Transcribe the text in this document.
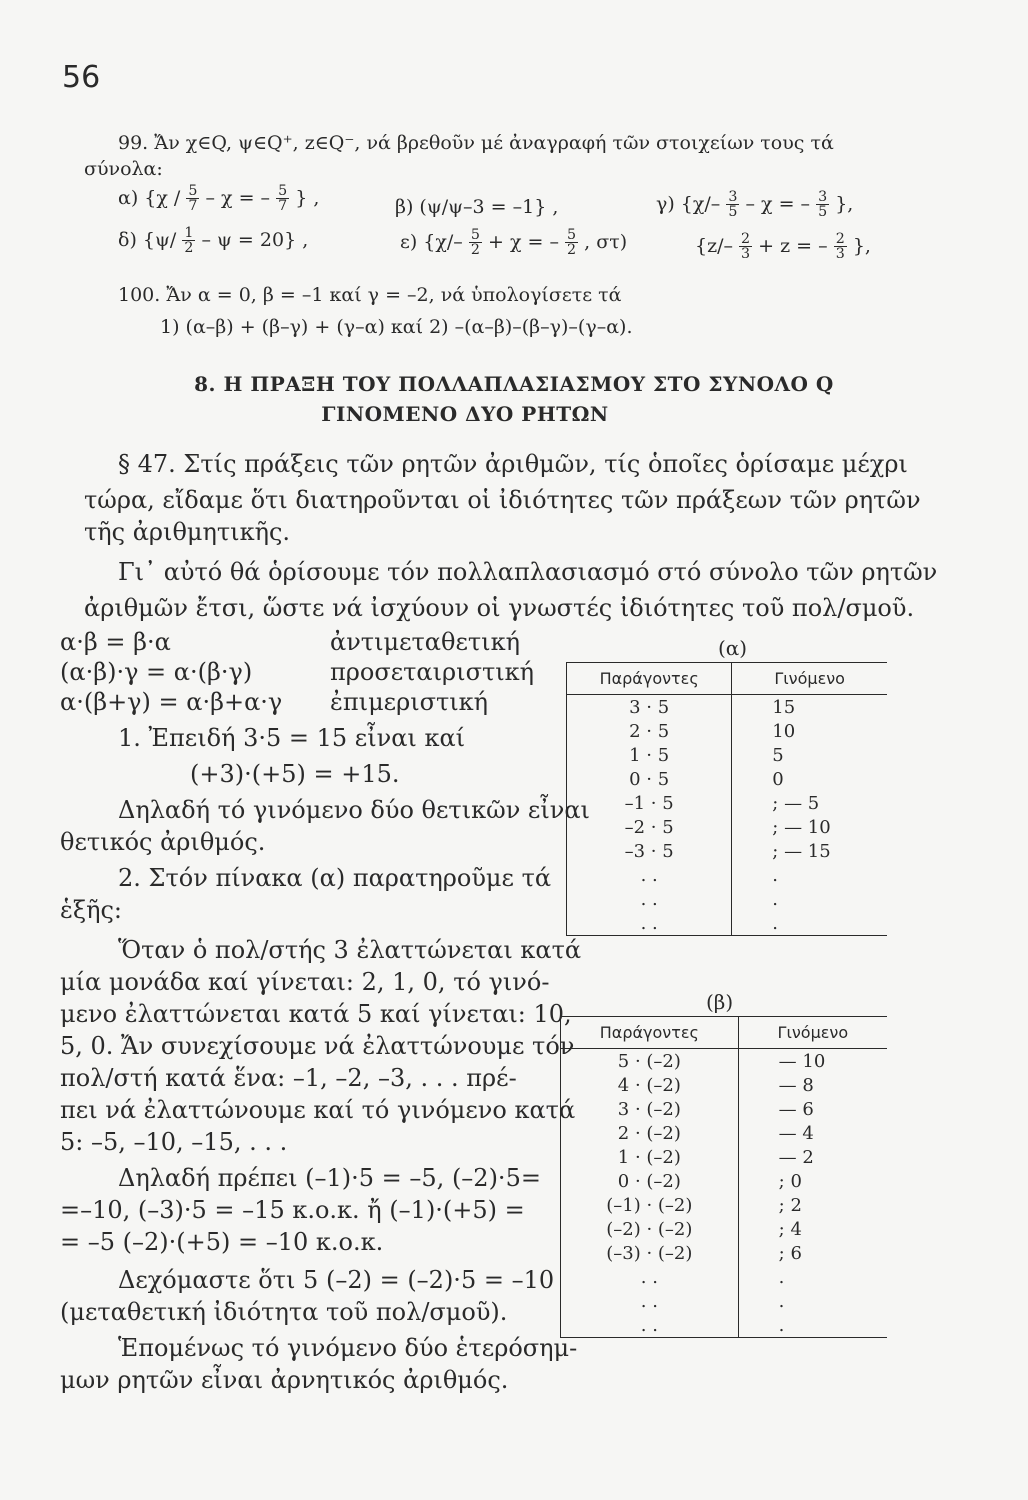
56
99. Ἄν χ∈Q, ψ∈Q⁺, z∈Q⁻, νά βρεθοῦν μέ ἀναγραφή τῶν στοιχείων τους τά
σύνολα:
α) {$\chi / \frac{5}{7}$ – χ = – $\frac{5}{7}$ } ,	β) (ψ/ψ–3 = –1} ,	γ) {$\chi/- \frac{3}{5}$ – χ = – $\frac{3}{5}$ },
δ) $\{\psi/ \frac{1}{2} - \psi = 20\}$ ,	ε) {$\chi/- \frac{5}{2} + \chi$ = – $\frac{5}{2}$ , στ)	{$z/- \frac{2}{3} + z$ = – $\frac{2}{3}$ },
100. Ἄν α = 0, β = –1 καί γ = –2, νά ὑπολογίσετε τά
1) (α–β) + (β–γ) + (γ–α) καί 2) –(α–β)–(β–γ)–(γ–α).
8. Η ΠΡΑΞΗ ΤΟΥ ΠΟΛΛΑΠΛΑΣΙΑΣΜΟΥ ΣΤΟ ΣΥΝΟΛΟ Q
ΓΙΝΟΜΕΝΟ ΔΥΟ ΡΗΤΩΝ
§ 47. Στίς πράξεις τῶν ρητῶν ἀριθμῶν, τίς ὁποῖες ὁρίσαμε μέχρι
τώρα, εἴδαμε ὅτι διατηροῦνται οἱ ἰδιότητες τῶν πράξεων τῶν ρητῶν
τῆς ἀριθμητικῆς.
Γι᾽ αὐτό θά ὁρίσουμε τόν πολλαπλασιασμό στό σύνολο τῶν ρητῶν
ἀριθμῶν ἔτσι, ὥστε νά ἰσχύουν οἱ γνωστές ἰδιότητες τοῦ πολ/σμοῦ.
α·β = β·α	ἀντιμεταθετική
(α·β)·γ = α·(β·γ)	προσεταιριστική
α·(β+γ) = α·β+α·γ ἐπιμεριστική
1. Ἐπειδή 3·5 = 15 εἶναι καί
(+3)·(+5) = +15.
Δηλαδή τό γινόμενο δύο θετικῶν εἶναι
θετικός ἀριθμός.
2. Στόν πίνακα (α) παρατηροῦμε τά
ἑξῆς:
Ὅταν ὁ πολ/στής 3 ἐλαττώνεται κατά
μία μονάδα καί γίνεται: 2, 1, 0, τό γινό-
μενο ἐλαττώνεται κατά 5 καί γίνεται: 10,
5, 0. Ἄν συνεχίσουμε νά ἐλαττώνουμε τόν
πολ/στή κατά ἕνα: –1, –2, –3, . . . πρέ-
πει νά ἐλαττώνουμε καί τό γινόμενο κατά
5: –5, –10, –15, . . .
Δηλαδή πρέπει (–1)·5 = –5, (–2)·5=
=–10, (–3)·5 = –15 κ.ο.κ. ἤ (–1)·(+5) =
= –5 (–2)·(+5) = –10 κ.ο.κ.
Δεχόμαστε ὅτι 5 (–2) = (–2)·5 = –10
(μεταθετική ἰδιότητα τοῦ πολ/σμοῦ).
Ἑπομένως τό γινόμενο δύο ἑτερόσημ-
μων ρητῶν εἶναι ἀρνητικός ἀριθμός.
(α)
Παράγοντες	Γινόμενο
3 · 5	15
2 · 5	10
1 · 5	5
0 · 5	0
–1 · 5	; — 5
–2 · 5	; — 10
–3 · 5	; — 15
. .	.
. .	.
. .	.
(β)
Παράγοντες	Γινόμενο
5 · (–2)	— 10
4 · (–2)	— 8
3 · (–2)	— 6
2 · (–2)	— 4
1 · (–2)	— 2
0 · (–2)	; 0
(–1) · (–2)	; 2
(–2) · (–2)	; 4
(–3) · (–2)	; 6
. .	.
. .	.
. .	.
